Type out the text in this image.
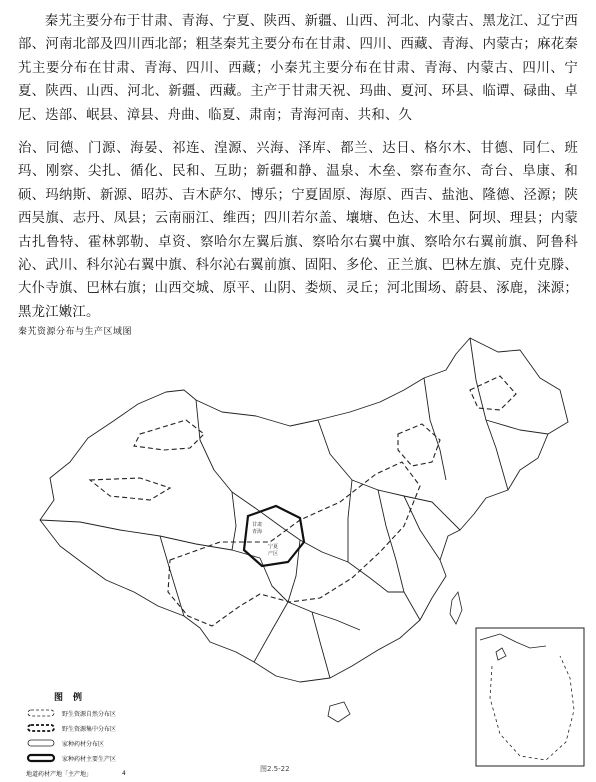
秦艽主要分布于甘肃、青海、宁夏、陕西、新疆、山西、河北、内蒙古、黑龙江、辽宁西部、河南北部及四川西北部；粗茎秦艽主要分布在甘肃、四川、西藏、青海、内蒙古；麻花秦艽主要分布在甘肃、青海、四川、西藏；小秦艽主要分布在甘肃、青海、内蒙古、四川、宁夏、陕西、山西、河北、新疆、西藏。主产于甘肃天祝、玛曲、夏河、环县、临谭、碌曲、卓尼、迭部、岷县、漳县、舟曲、临夏、肃南；青海河南、共和、久

治、同德、门源、海晏、祁连、湟源、兴海、泽库、都兰、达日、格尔木、甘德、同仁、班玛、刚察、尖扎、循化、民和、互助；新疆和静、温泉、木垒、察布查尔、奇台、阜康、和硕、玛纳斯、新源、昭苏、吉木萨尔、博乐；宁夏固原、海原、西吉、盐池、隆德、泾源；陕西吴旗、志丹、凤县；云南丽江、维西；四川若尔盖、壤塘、色达、木里、阿坝、理县；内蒙古扎鲁特、霍林郭勒、卓资、察哈尔左翼后旗、察哈尔右翼中旗、察哈尔右翼前旗、阿鲁科沁、武川、科尔沁右翼中旗、科尔沁右翼前旗、固阳、多伦、正兰旗、巴林左旗、克什克滕、大仆寺旗、巴林右旗；山西交城、原平、山阴、娄烦、灵丘；河北围场、蔚县、涿鹿，涞源；黑龙江嫩江。

秦艽资源分布与生产区域图
甘肃
青海
宁夏
产区
图例
野生资源自然分布区
野生资源集中分布区
家种药材分布区
家种药材主要生产区
地道药材产地「主产地」	4	图2.5-22
